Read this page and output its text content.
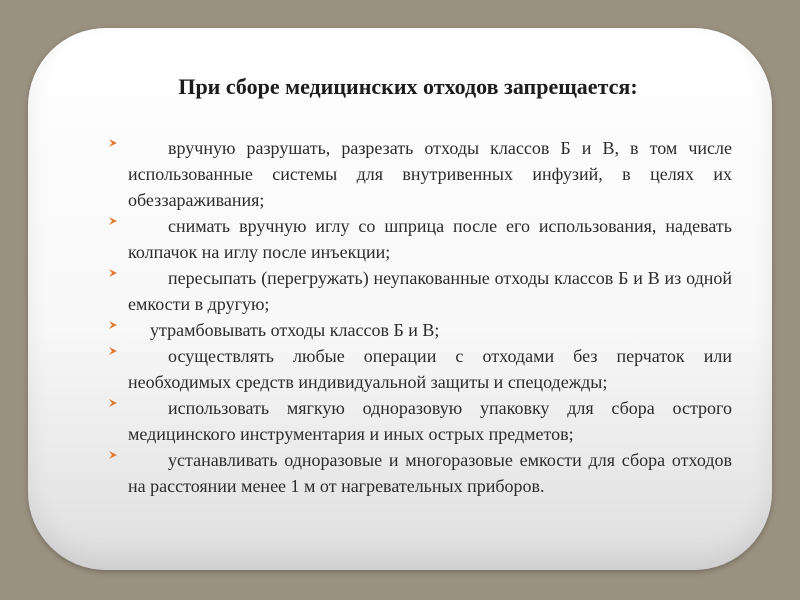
При сборе медицинских отходов запрещается:
вручную разрушать, разрезать отходы классов Б и В, в том числе использованные системы для внутривенных инфузий, в целях их обеззараживания;
снимать вручную иглу со шприца после его использования, надевать колпачок на иглу после инъекции;
пересыпать (перегружать) неупакованные отходы классов Б и В из одной емкости в другую;
утрамбовывать отходы классов Б и В;
осуществлять любые операции с отходами без перчаток или необходимых средств индивидуальной защиты и спецодежды;
использовать мягкую одноразовую упаковку для сбора острого медицинского инструментария и иных острых предметов;
устанавливать одноразовые и многоразовые емкости для сбора отходов на расстоянии менее 1 м от нагревательных приборов.
